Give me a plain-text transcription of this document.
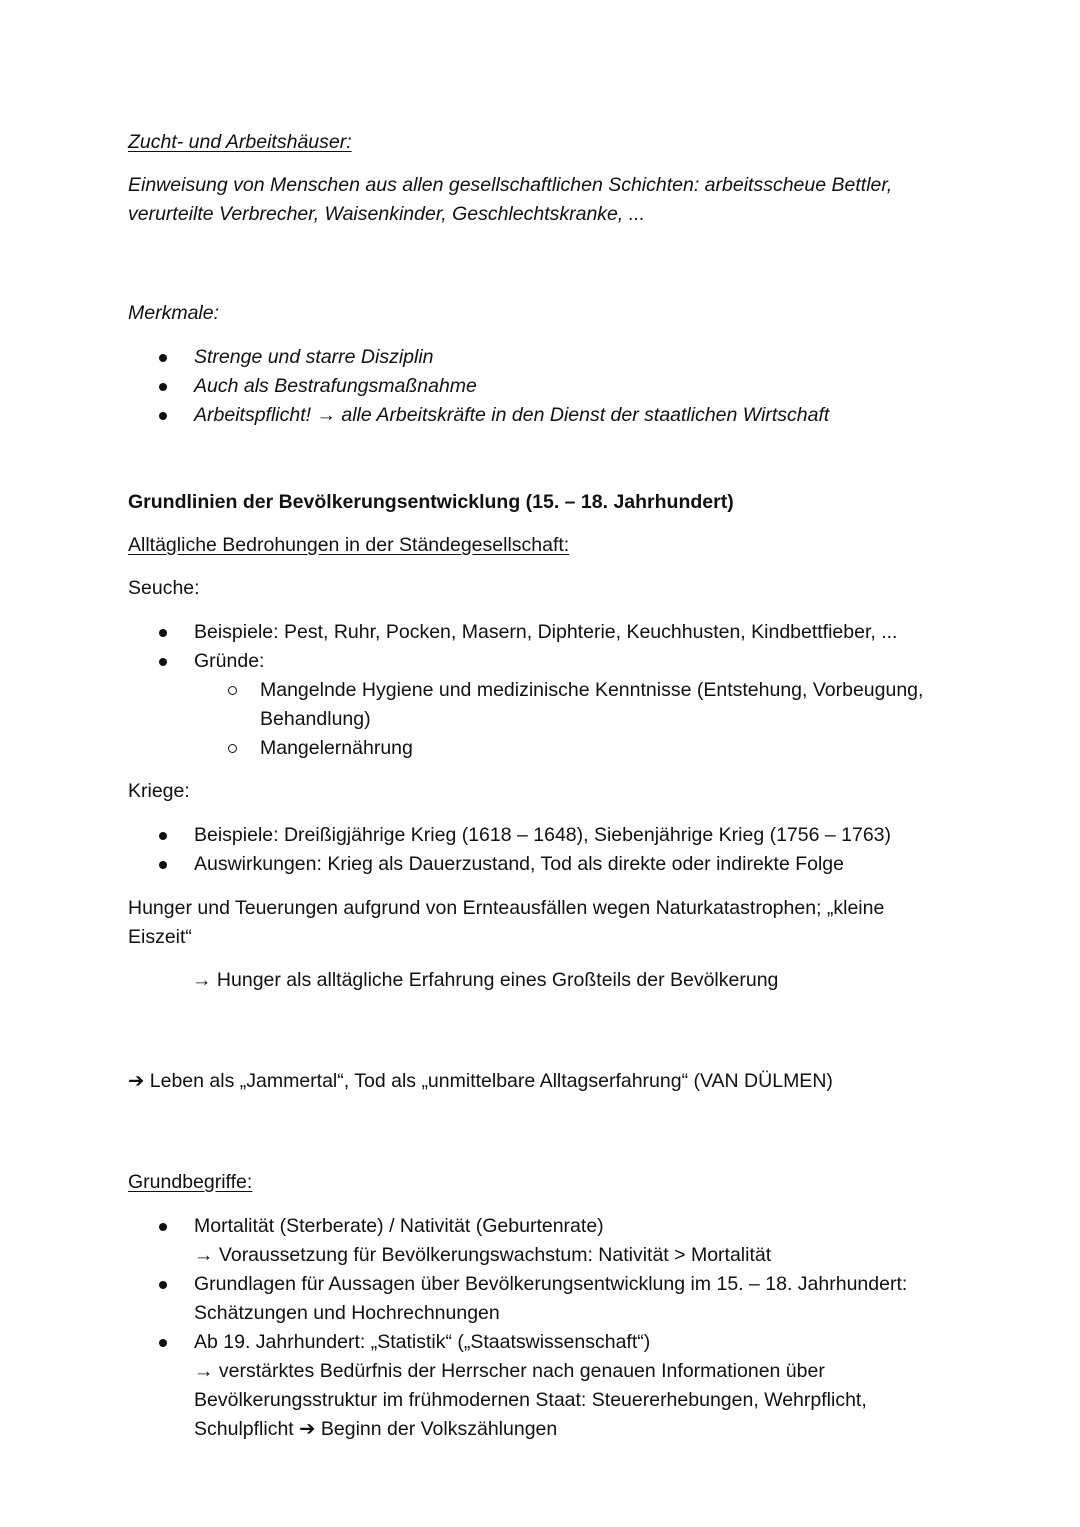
Zucht- und Arbeitshäuser:

Einweisung von Menschen aus allen gesellschaftlichen Schichten: arbeitsscheue Bettler, verurteilte Verbrecher, Waisenkinder, Geschlechtskranke, ...

Merkmale:

Strenge und starre Disziplin
Auch als Bestrafungsmaßnahme
Arbeitspflicht! → alle Arbeitskräfte in den Dienst der staatlichen Wirtschaft

Grundlinien der Bevölkerungsentwicklung (15. – 18. Jahrhundert)

Alltägliche Bedrohungen in der Ständegesellschaft:

Seuche:

Beispiele: Pest, Ruhr, Pocken, Masern, Diphterie, Keuchhusten, Kindbettfieber, ...
Gründe:
Mangelnde Hygiene und medizinische Kenntnisse (Entstehung, Vorbeugung, Behandlung)
Mangelernährung

Kriege:

Beispiele: Dreißigjährige Krieg (1618 – 1648), Siebenjährige Krieg (1756 – 1763)
Auswirkungen: Krieg als Dauerzustand, Tod als direkte oder indirekte Folge

Hunger und Teuerungen aufgrund von Ernteausfällen wegen Naturkatastrophen; „kleine Eiszeit“

→ Hunger als alltägliche Erfahrung eines Großteils der Bevölkerung

➔ Leben als „Jammertal“, Tod als „unmittelbare Alltagserfahrung“ (VAN DÜLMEN)

Grundbegriffe:

Mortalität (Sterberate) / Nativität (Geburtenrate)
→ Voraussetzung für Bevölkerungswachstum: Nativität > Mortalität
Grundlagen für Aussagen über Bevölkerungsentwicklung im 15. – 18. Jahrhundert: Schätzungen und Hochrechnungen
Ab 19. Jahrhundert: „Statistik“ („Staatswissenschaft“)
→ verstärktes Bedürfnis der Herrscher nach genauen Informationen über Bevölkerungsstruktur im frühmodernen Staat: Steuererhebungen, Wehrpflicht, Schulpflicht ➔ Beginn der Volkszählungen
